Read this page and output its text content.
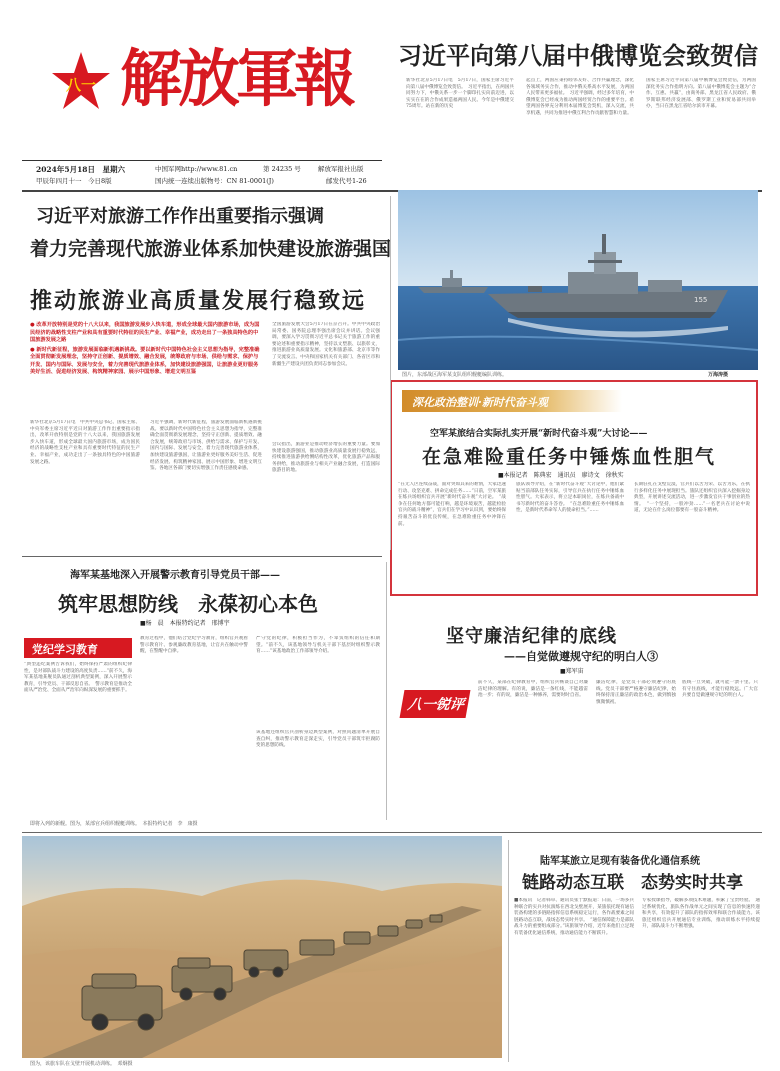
八一 解放軍報
2024年5月18日　星期六
甲辰年四月十一　今日8版
中国军网http://www.81.cn	第 24235 号	解放军报社出版
国内统一连续出版物号：CN 81-0001(J)	邮发代号1-26
习近平向第八届中俄博览会致贺信
新华社北京5月17日电　5月17日，国家主席习近平向第八届中俄博览会致贺信。　习近平指出，在两国共同努力下，中俄关系一步一个脚印扎实向前迈进，以实实在在的合作成果造福两国人民。今年是中俄建交75周年。站在新的历史
起点上，两国应秉持睦邻友好、合作共赢理念，深化各领域务实合作，推动中俄关系高水平发展，为两国人民带来更多福祉。　习近平强调，经过多年培育，中俄博览会已经成为推动两国经贸合作的重要平台。希望两国各界充分利用本届博览会契机，深入交流，共享机遇，共同为推进中俄互利合作贡献智慧和力量。
国家主席习近平向第八届中俄博览会致贺信，为两国深化务实合作指明方向。第八届中俄博览会主题为“合作、互惠、共赢”，由商务部、黑龙江省人民政府、俄罗斯联邦经济发展部、俄罗斯工业和贸易部共同举办，当日在黑龙江省哈尔滨市开幕。
习近平对旅游工作作出重要指示强调
着力完善现代旅游业体系加快建设旅游强国
推动旅游业高质量发展行稳致远
● 改革开放特别是党的十八大以来，我国旅游发展步入快车道，形成全球最大国内旅游市场，成为国民经济的战略性支柱产业和具有重要时代特征的民生产业、幸福产业，成功走出了一条独具特色的中国旅游发展之路
● 新时代新征程，旅游发展面临新机遇新挑战。要以新时代中国特色社会主义思想为指导，完整准确全面贯彻新发展理念，坚持守正创新、提质增效、融合发展，统筹政府与市场、供给与需求、保护与开发、国内与国际、发展与安全，着力完善现代旅游业体系，加快建设旅游强国，让旅游业更好服务美好生活、促进经济发展、构筑精神家园、展示中国形象、增进文明互鉴
新华社北京5月17日电　中共中央总书记、国家主席、中央军委主席习近平近日对旅游工作作出重要指示指出，改革开放特别是党的十八大以来，我国旅游发展步入快车道，形成全球最大国内旅游市场，成为国民经济的战略性支柱产业和具有重要时代特征的民生产业、幸福产业，成功走出了一条独具特色的中国旅游发展之路。
习近平强调，新时代新征程，旅游发展面临新机遇新挑战。要以新时代中国特色社会主义思想为指导，完整准确全面贯彻新发展理念，坚持守正创新、提质增效、融合发展，统筹政府与市场、供给与需求、保护与开发、国内与国际、发展与安全，着力完善现代旅游业体系，加快建设旅游强国，让旅游业更好服务美好生活、促进经济发展、构筑精神家园、展示中国形象、增进文明互鉴。各地区各部门要切实增强工作责任感使命感。
全国旅游发展大会5月17日在京召开。中共中央政治局常委、国务院总理李强出席会议并讲话。会议强调，要深入学习贯彻习近平总书记关于旅游工作的重要论述和重要指示精神，坚持以文塑旅、以旅彰文，推进旅游业高质量发展。文化和旅游部、北京市等作了交流发言。中央和国家机关有关部门、各省区市和新疆生产建设兵团负责同志参加会议。
会议指出，旅游业是推动经济增长的重要力量。要加快建设旅游强国，推动旅游业高质量发展行稳致远，持续推进旅游供给侧结构性改革，优化旅游产品和服务供给，推动旅游业与相关产业融合发展，打造国际旅游目的地。
155
图片，东部战区海军某支队组织舰艇编队训练。	万海涛摄
深化政治整训·新时代奋斗观
空军某旅结合实际扎实开展“新时代奋斗观”大讨论——
在急难险重任务中锤炼血性胆气
■本报记者　陈典宏　通讯员　廖诗文　徐秋实
“在无人区连续奋战，面对突如其来的难情，大家迅速行动、攻坚克难、拼命完成任务……”日前，空军某旅在练兵场组织官兵开展“新时代奋斗观”大讨论。　“战争在任何地方都可能打响，越是环境艰苦，越能检验官兵的战斗精神”，官兵们在学习中认识到，要始终保持艰苦奋斗的优良传统，在急难险重任务中冲锋在前。
旅队领导介绍，在“新时代奋斗观”大讨论中，他们紧贴当前部队任务实际，引导官兵在执行任务中锤炼血性胆气。大家表示，将立足本职岗位，在练兵备战中书写新时代的奋斗答卷。　“在急难险重任务中锤炼血性，是新时代革命军人的使命担当。”……
长期驻扎在戈壁荒漠，官兵们以苦为荣、以苦为乐，在执行多样化任务中展现担当。旅队还组织官兵深入挖掘身边典型，开展讲述交流活动，进一步激发官兵干事创业的热情。　“一个坚持，一股冲劲……”一名老兵在讨论中说道，无论在什么岗位都要有一股奋斗精神。
海军某基地深入开展警示教育引导党员干部——
筑牢思想防线　永葆初心本色
■杨　晨　本报特约记者　邢博宇
党纪学习教育
“典型违纪案例告诉我们，始终保持严肃的组织纪律性，是对部队战斗力建设的高度负责……”前不久，海军某基地某舰员队通过剖析典型案例，深入开展警示教育，引导党员、干部反思自省。　警示教育是推动全面从严治党、全面从严治军向纵深发展的重要抓手。
教育过程中，他们结合党纪学习教育，组织官兵观看警示教育片、参观廉政教育基地，让官兵在触动中警醒，在警醒中自律。
严守党的纪律，积极担当作为，不辜负组织的信任和期望。“前不久，该基地领导与机关干部下基层时组织警示教育……”该基地政治工作部领导介绍。
该基地还组织官兵剖析身边典型案例，对照问题清单开展自查自纠，推动警示教育走深走实，引导党员干部筑牢拒腐防变的思想防线。
坚守廉洁纪律的底线
——自觉做遵规守纪的明白人③
■郑军宙
八一锐评
前不久，某部在纪律教育中，组织官兵畅谈自己对廉洁纪律的理解。有的说，廉洁是一条红线，不能越雷池一步；有的说，廉洁是一种修养，需要时时自省。
廉洁纪律，是党员干部必须遵守的底线。党员干部要严格遵守廉洁纪律，始终保持清正廉洁的政治本色，做到慎独慎微慎初。
底线一旦突破，就可能一溃千里。只有守住底线，才能行稳致远。广大官兵要自觉做遵规守纪的明白人。
即将入列的新舰。图为，某部官兵组织舰艇训练。　本报特约记者　李　康摄
陆军某旅立足现有装备优化通信系统
链路动态互联　态势实时共享
■本报讯　记者韩卓、通讯员张于默报道：日前，一场多兵种联合的实兵对抗演练在西北戈壁展开，某旅依托现有通信装备构建的多链路指挥信息系统稳定运行，各作战要素之间链路动态互联，战场态势实时共享。　“通信保障能力是部队战斗力的重要组成部分。”该旅领导介绍，近年来他们立足现有装备优化通信系统，推动通信能力不断跃升。
专家授课指导，破解多项技术难题，积累了宝贵经验。　通过系统优化，旅队各作战单元之间实现了信息的快速传递和共享，有效提升了部队的指挥效率和联合作战能力。该旅还组织官兵开展通信专业训练，推动训练水平持续提升，部队战斗力不断增强。
图为，该旅车队在戈壁开展机动训练。　邓炯摄
